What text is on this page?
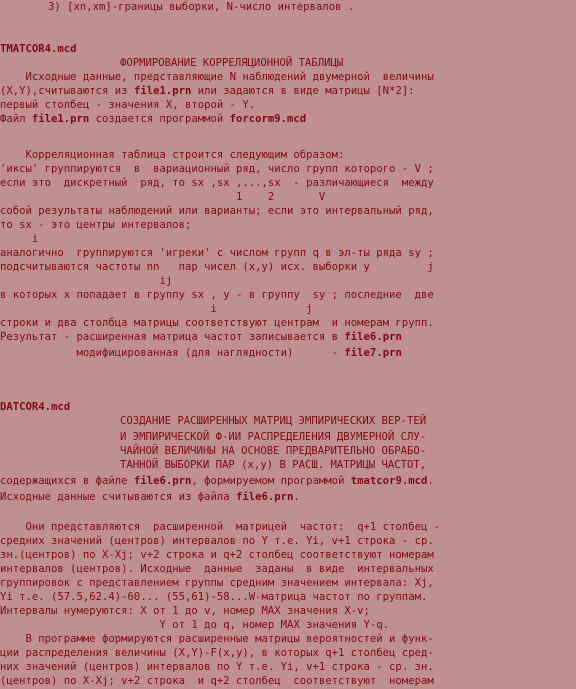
3) [xn,xm]-границы выборки, N-число интервалов .
TMATCOR4.mcd
ФОРМИРОВАНИЕ КОРРЕЛЯЦИОННОЙ ТАБЛИЦЫ
Исходные данные, представляющие N наблюдений двумерной  величины
(X,Y),считываются из file1.prn или задаются в виде матрицы [N*2]:
первый столбец - значения X, второй - Y.
Файл file1.prn создается программой forcorm9.mcd
Корреляционная таблица строится следующим образом:
'иксы' группируются  в  вариационный ряд, число групп которого - V ;
если это  дискретный  ряд, то sx ,sx ,...,sx  - различающиеся  между
1    2       V
собой результаты наблюдений или варианты; если это интервальный ряд,
то sx - это центры интервалов;
i
аналогично  группируются 'игреки' с числом групп q в эл-ты ряда sy ;
подсчитываются частоты nn   пар чисел (x,y) исх. выборки у         j
ij
в которых x попадает в группу sx , y - в группу  sy ; последние  две
i              j
строки и два столбца матрицы соответствуют центрам  и номерам групп.
Результат - расширенная матрица частот записывается в file6.prn
модифицированная (для наглядности)      - file7.prn
DATCOR4.mcd
СОЗДАНИЕ РАСШИРЕННЫХ МАТРИЦ ЭМПИРИЧЕСКИХ ВЕР-ТЕЙ
И ЭМПИРИЧЕСКОЙ Ф-ИИ РАСПРЕДЕЛЕНИЯ ДВУМЕРНОЙ СЛУ-
ЧАЙНОЙ ВЕЛИЧИНЫ НА ОСНОВЕ ПРЕДВАРИТЕЛЬНО ОБРАБО-
ТАННОЙ ВЫБОРКИ ПАР (x,y) В РАСШ. МАТРИЦЫ ЧАСТОТ,
содержащихся в файле file6.prn, формируемом программой tmatcor9.mcd.
Исходные данные считываются из файла file6.prn.
Они представляются  расширенной  матрицей  частот:  q+1 столбец -
средних значений (центров) интервалов по Y т.е. Yi, v+1 строка - ср.
зн.(центров) по X-Xj; v+2 строка и q+2 столбец соответствуют номерам
интервалов (центров). Исходные  данные  заданы  в виде  интервальных
группировок с представлением группы средним значением интервала: Xj,
Yi т.е. (57.5,62.4)-60... (55,61)-58...W-матрица частот по группам.
Интервалы нумеруются: X от 1 до v, номер MAX значения X-v;
Y от 1 до q, номер MAX значения Y-q.
В программе формируются расширенные матрицы вероятностей и функ-
ции распределения величины (X,Y)-F(x,y), в которых q+1 столбец сред-
них значений (центров) интервалов по Y т.е. Yi, v+1 строка - ср. зн.
(центров) по X-Xj; v+2 строка  и q+2 столбец  соответствуют  номерам
